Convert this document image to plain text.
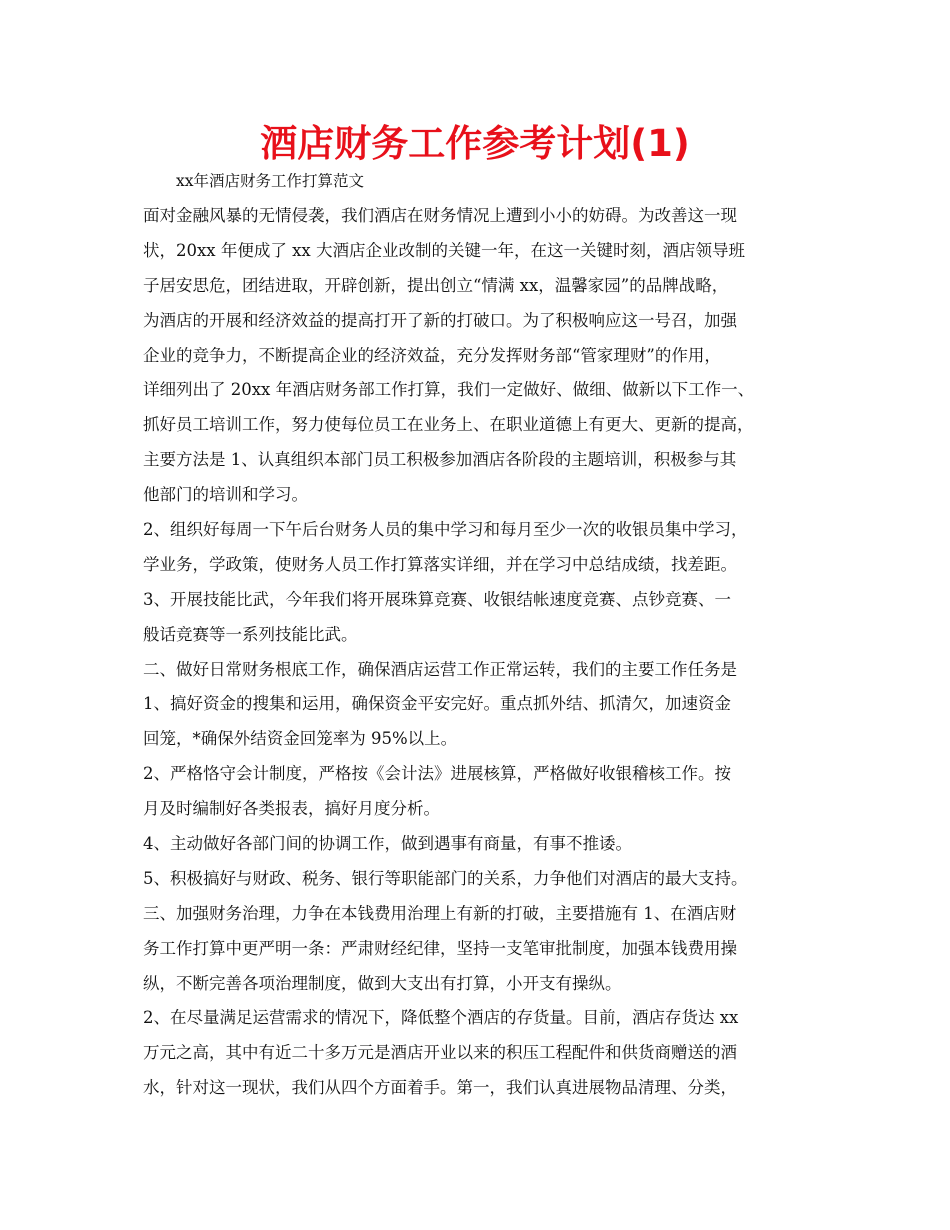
酒店财务工作参考计划(1)

xx年酒店财务工作打算范文

面对金融风暴的无情侵袭，我们酒店在财务情况上遭到小小的妨碍。为改善这一现

状，20xx 年便成了 xx 大酒店企业改制的关键一年，在这一关键时刻，酒店领导班

子居安思危，团结进取，开辟创新，提出创立“情满 xx，温馨家园”的品牌战略，

为酒店的开展和经济效益的提高打开了新的打破口。为了积极响应这一号召，加强

企业的竞争力，不断提高企业的经济效益，充分发挥财务部“管家理财”的作用，

详细列出了 20xx 年酒店财务部工作打算，我们一定做好、做细、做新以下工作一、

抓好员工培训工作，努力使每位员工在业务上、在职业道德上有更大、更新的提高，

主要方法是 1、认真组织本部门员工积极参加酒店各阶段的主题培训，积极参与其

他部门的培训和学习。

2、组织好每周一下午后台财务人员的集中学习和每月至少一次的收银员集中学习，

学业务，学政策，使财务人员工作打算落实详细，并在学习中总结成绩，找差距。

3、开展技能比武，今年我们将开展珠算竞赛、收银结帐速度竞赛、点钞竞赛、一

般话竞赛等一系列技能比武。

二、做好日常财务根底工作，确保酒店运营工作正常运转，我们的主要工作任务是

1、搞好资金的搜集和运用，确保资金平安完好。重点抓外结、抓清欠，加速资金

回笼，*确保外结资金回笼率为 95%以上。

2、严格恪守会计制度，严格按《会计法》进展核算，严格做好收银稽核工作。按

月及时编制好各类报表，搞好月度分析。

4、主动做好各部门间的协调工作，做到遇事有商量，有事不推诿。

5、积极搞好与财政、税务、银行等职能部门的关系，力争他们对酒店的最大支持。

三、加强财务治理，力争在本钱费用治理上有新的打破，主要措施有 1、在酒店财

务工作打算中更严明一条：严肃财经纪律，坚持一支笔审批制度，加强本钱费用操

纵，不断完善各项治理制度，做到大支出有打算，小开支有操纵。

2、在尽量满足运营需求的情况下，降低整个酒店的存货量。目前，酒店存货达 xx

万元之高，其中有近二十多万元是酒店开业以来的积压工程配件和供货商赠送的酒

水，针对这一现状，我们从四个方面着手。第一，我们认真进展物品清理、分类，
